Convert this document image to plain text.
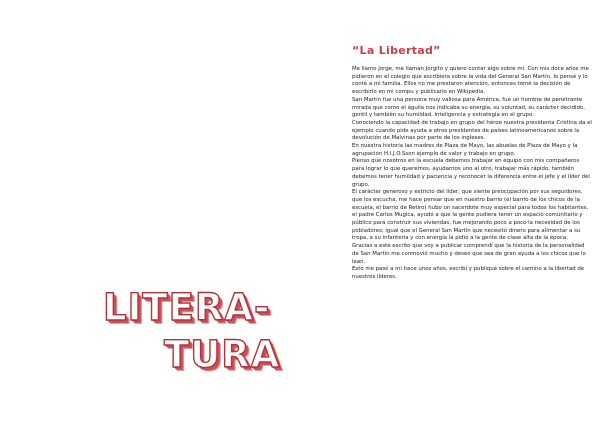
LITERA-
TURA
“La Libertad”

Me llamo Jorge, me llaman Jorgito y quiero contar algo sobre mí. Con mis doce años me pidieron en el colegio que escribiera sobre la vida del General San Martín, lo pensé y lo conté a mi familia. Ellos no me prestaron atención, entonces tomé la decisión de escribirlo en mi compu y publicarlo en Wikipedia.

San Martín fue una persona muy valiosa para América, fue un hombre de penetrante mirada que como el águila nos indicaba su energía, su voluntad, su carácter decidido, gentil y también su humildad, inteligencia y estrategia en el grupo.

Conociendo la capacidad de trabajo en grupo del héroe nuestra presidenta Cristina da el ejemplo cuando pide ayuda a otros presidentes de países latinoamericanos sobre la devolución de Malvinas por parte de los ingleses.

En nuestra historia las madres de Plaza de Mayo, las abuelas de Plaza de Mayo y la agrupación H.I.J.O.Sson ejemplo de valor y trabajo en grupo.

Pienso que nosotros en la escuela debemos trabajar en equipo con mis compañeros para lograr lo que queremos, ayudarnos uno al otro, trabajar más rápido, también debemos tener humildad y paciencia y reconocer la diferencia entre el jefe y el líder del grupo.

El carácter generoso y estricto del líder, que siente preocupación por sus seguidores, que los escucha, me hace pensar que en nuestro barrio (el barrio de los chicos de la escuela, el barrio de Retiro) hubo un sacerdote muy especial para todos los habitantes, el padre Carlos Mugica, ayudó a que la gente pudiera tener un espacio comunitario y público para construir sus viviendas, fue mejorando poco a poco la necesidad de los pobladores; igual que el General San Martín que necesitó dinero para alimentar a su tropa, a su infantería y con energía la pidió a la gente de clase alta de la época.

Gracias a este escrito que voy a publicar comprendí que la historia de la personalidad de San Martín me conmovió mucho y deseo que sea de gran ayuda a los chicos que lo lean.

Esto me pasó a mí hace unos años, escribí y publiqué sobre el camino a la libertad de nuestros líderes.
